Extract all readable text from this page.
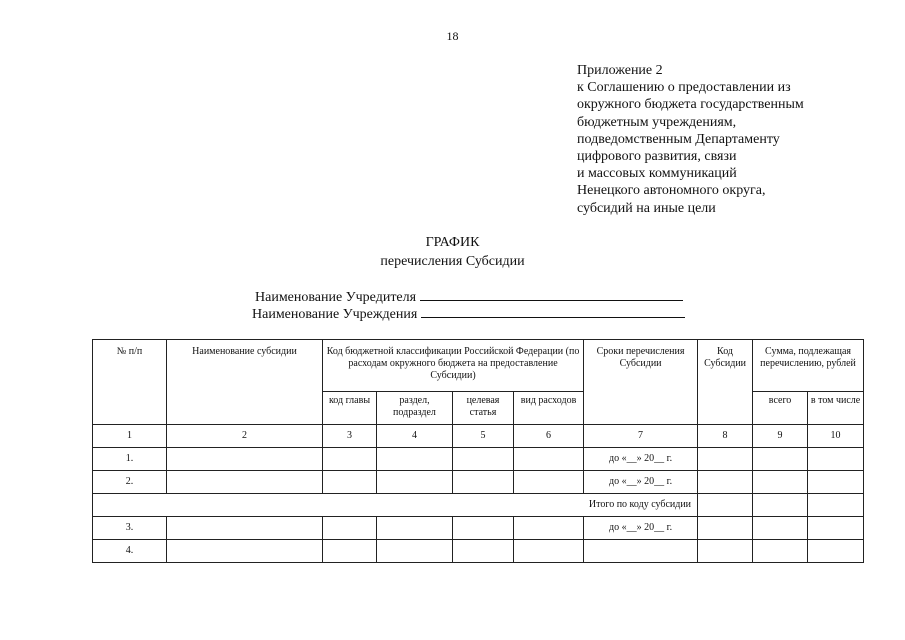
18
Приложение 2
к Соглашению о предоставлении из
окружного бюджета государственным
бюджетным учреждениям,
подведомственным Департаменту
цифрового развития, связи
и массовых коммуникаций
Ненецкого автономного округа,
субсидий на иные цели
ГРАФИК
перечисления Субсидии
Наименование Учредителя
Наименование Учреждения
№ п/п	Наименование субсидии	Код бюджетной классификации Российской Федерации (по расходам окружного бюджета на предоставление Субсидии)				Сроки перечисления Субсидии	Код Субсидии	Сумма, подлежащая перечислению, рублей	
		код главы	раздел, подраздел	целевая статья	вид расходов			всего	в том числе
1	2	3	4	5	6	7	8	9	10
1.						до «__» 20__ г.			
2.						до «__» 20__ г.			
Итого по коду субсидии									
3.						до «__» 20__ г.			
4.									
